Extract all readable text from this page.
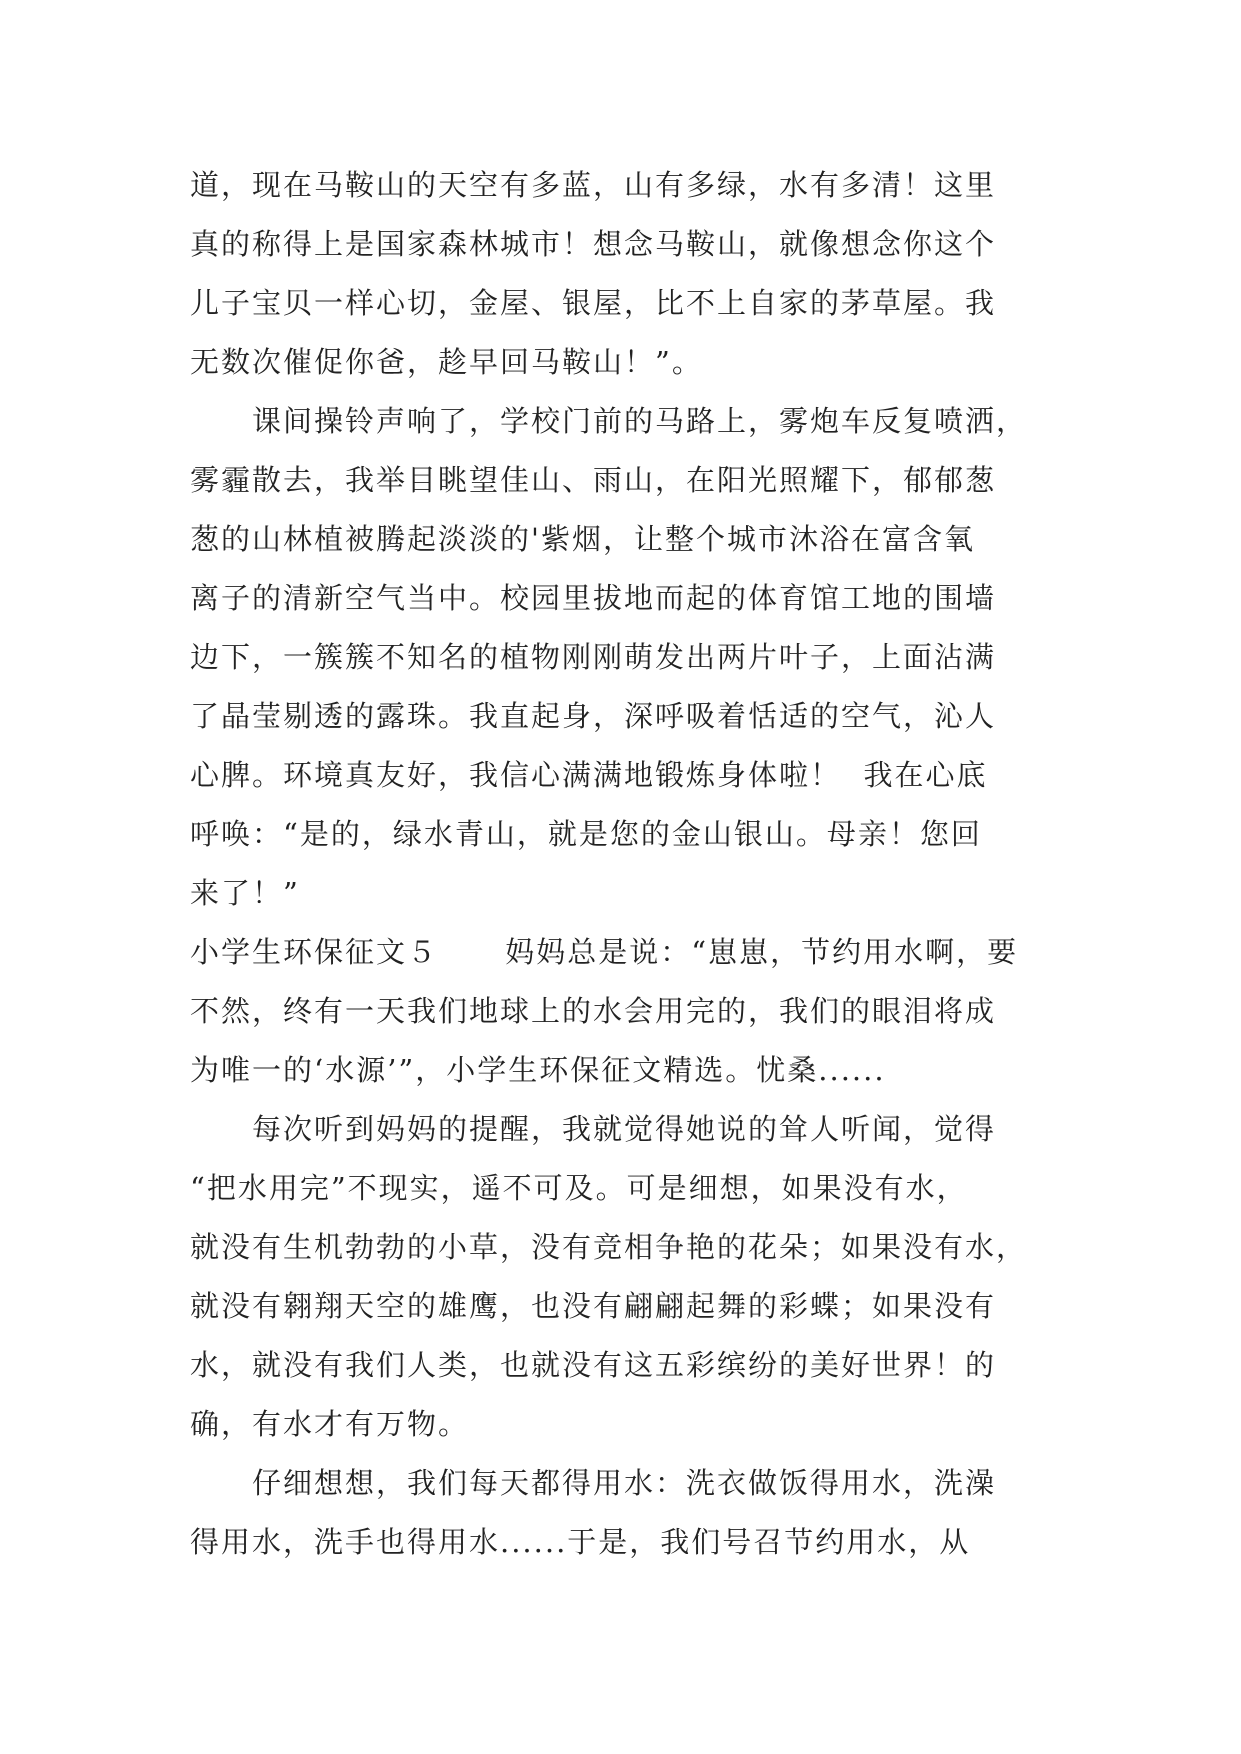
道，现在马鞍山的天空有多蓝，山有多绿，水有多清！这里
真的称得上是国家森林城市！想念马鞍山，就像想念你这个
儿子宝贝一样心切，金屋、银屋，比不上自家的茅草屋。我
无数次催促你爸，趁早回马鞍山！”。
课间操铃声响了，学校门前的马路上，雾炮车反复喷洒，
雾霾散去，我举目眺望佳山、雨山，在阳光照耀下，郁郁葱
葱的山林植被腾起淡淡的'紫烟，让整个城市沐浴在富含氧
离子的清新空气当中。校园里拔地而起的体育馆工地的围墙
边下，一簇簇不知名的植物刚刚萌发出两片叶子，上面沾满
了晶莹剔透的露珠。我直起身，深呼吸着恬适的空气，沁人
心脾。环境真友好，我信心满满地锻炼身体啦！  我在心底
呼唤：“是的，绿水青山，就是您的金山银山。母亲！您回
来了！”
小学生环保征文５      妈妈总是说：“崽崽，节约用水啊，要
不然，终有一天我们地球上的水会用完的，我们的眼泪将成
为唯一的‘水源’”，小学生环保征文精选。忧桑......
每次听到妈妈的提醒，我就觉得她说的耸人听闻，觉得
“把水用完”不现实，遥不可及。可是细想，如果没有水，
就没有生机勃勃的小草，没有竞相争艳的花朵；如果没有水，
就没有翱翔天空的雄鹰，也没有翩翩起舞的彩蝶；如果没有
水，就没有我们人类，也就没有这五彩缤纷的美好世界！的
确，有水才有万物。
仔细想想，我们每天都得用水：洗衣做饭得用水，洗澡
得用水，洗手也得用水......于是，我们号召节约用水，从
